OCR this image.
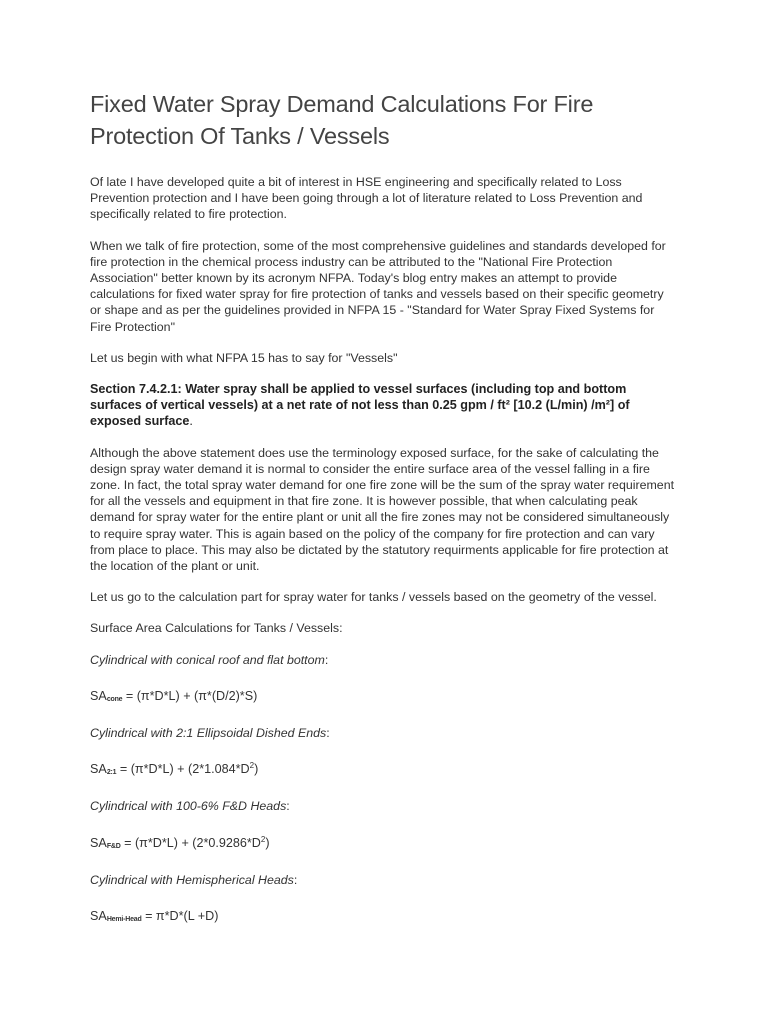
Fixed Water Spray Demand Calculations For Fire Protection Of Tanks / Vessels

Of late I have developed quite a bit of interest in HSE engineering and specifically related to Loss Prevention protection and I have been going through a lot of literature related to Loss Prevention and specifically related to fire protection.

When we talk of fire protection, some of the most comprehensive guidelines and standards developed for fire protection in the chemical process industry can be attributed to the "National Fire Protection Association" better known by its acronym NFPA. Today's blog entry makes an attempt to provide calculations for fixed water spray for fire protection of tanks and vessels based on their specific geometry or shape and as per the guidelines provided in NFPA 15 - "Standard for Water Spray Fixed Systems for Fire Protection"

Let us begin with what NFPA 15 has to say for "Vessels"

Section 7.4.2.1: Water spray shall be applied to vessel surfaces (including top and bottom surfaces of vertical vessels) at a net rate of not less than 0.25 gpm / ft² [10.2 (L/min) /m²] of exposed surface.

Although the above statement does use the terminology exposed surface, for the sake of calculating the design spray water demand it is normal to consider the entire surface area of the vessel falling in a fire zone. In fact, the total spray water demand for one fire zone will be the sum of the spray water requirement for all the vessels and equipment in that fire zone. It is however possible, that when calculating peak demand for spray water for the entire plant or unit all the fire zones may not be considered simultaneously to require spray water. This is again based on the policy of the company for fire protection and can vary from place to place. This may also be dictated by the statutory requirments applicable for fire protection at the location of the plant or unit.

Let us go to the calculation part for spray water for tanks / vessels based on the geometry of the vessel.

Surface Area Calculations for Tanks / Vessels:

Cylindrical with conical roof and flat bottom:

SAcone = (π*D*L) + (π*(D/2)*S)

Cylindrical with 2:1 Ellipsoidal Dished Ends:

SA2:1 = $(\pi*D*L) + (2*1.084*D^2)$

Cylindrical with 100-6% F&D Heads:

SAF&D = $(\pi*D*L) + (2*0.9286*D^2)$

Cylindrical with Hemispherical Heads:

SAHemi-Head = π*D*(L +D)
